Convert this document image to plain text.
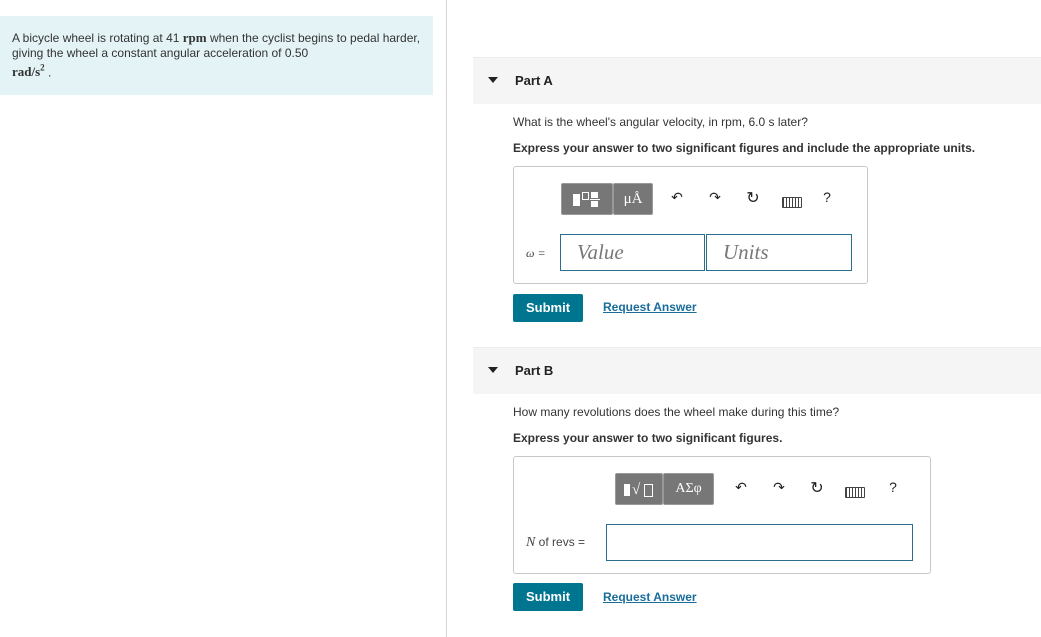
A bicycle wheel is rotating at 41 rpm when the cyclist begins to pedal harder, giving the wheel a constant angular acceleration of 0.50
rad/$s^2$ .
Part A
What is the wheel's angular velocity, in rpm, 6.0 s later?
Express your answer to two significant figures and include the appropriate units.
μÅ	↶ ↷ ↻	?
ω = Value	Units
Submit	Request Answer
Part B
How many revolutions does the wheel make during this time?
Express your answer to two significant figures.
√	ΑΣφ	↶ ↷ ↻	?
N of revs =
Submit	Request Answer
